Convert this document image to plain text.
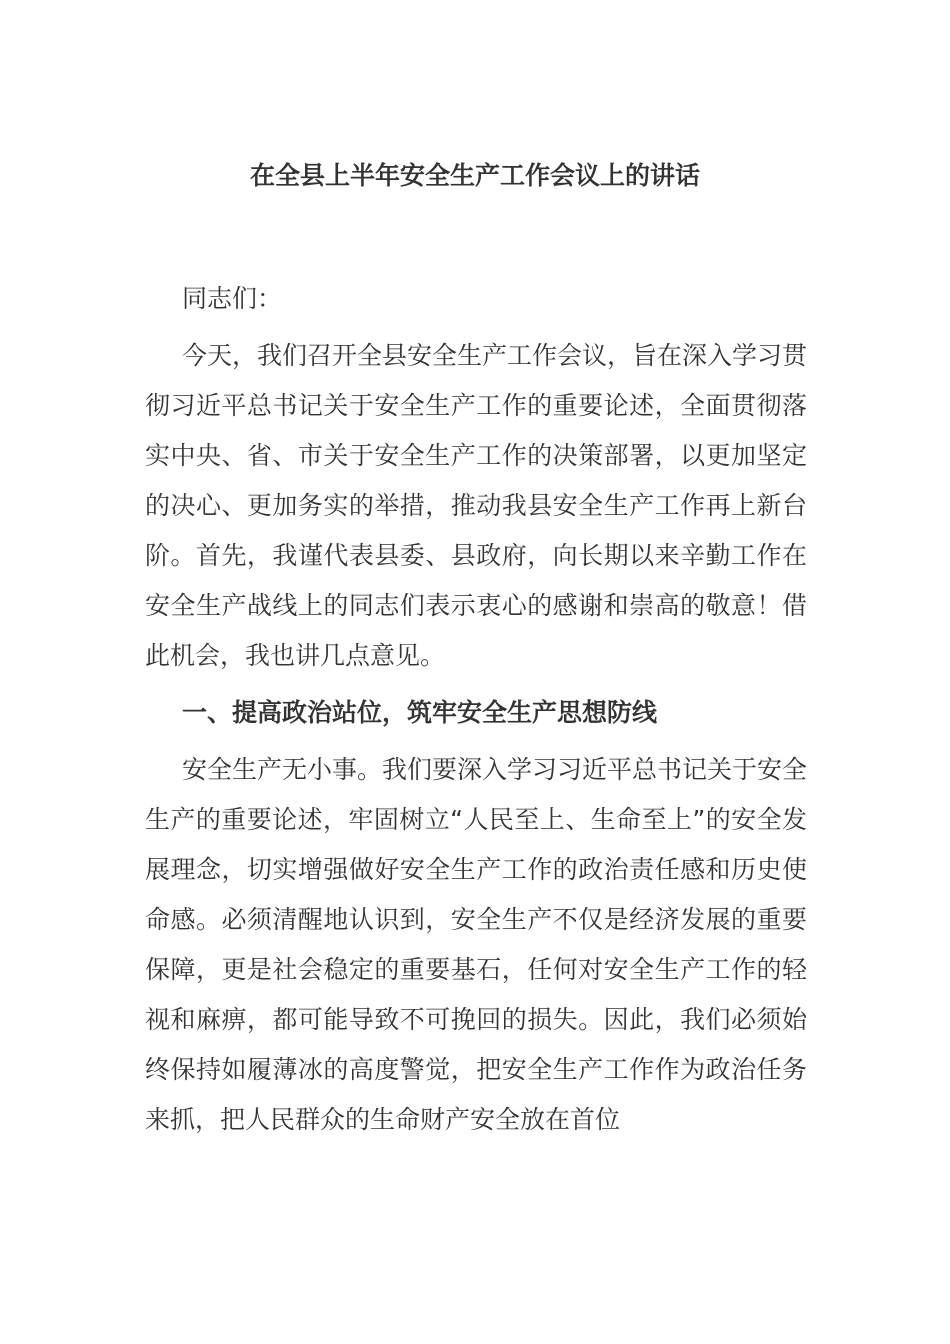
在全县上半年安全生产工作会议上的讲话

同志们：

今天，我们召开全县安全生产工作会议，旨在深入学习贯彻习近平总书记关于安全生产工作的重要论述，全面贯彻落实中央、省、市关于安全生产工作的决策部署，以更加坚定的决心、更加务实的举措，推动我县安全生产工作再上新台阶。首先，我谨代表县委、县政府，向长期以来辛勤工作在安全生产战线上的同志们表示衷心的感谢和崇高的敬意！借此机会，我也讲几点意见。

一、提高政治站位，筑牢安全生产思想防线

安全生产无小事。我们要深入学习习近平总书记关于安全生产的重要论述，牢固树立“人民至上、生命至上”的安全发展理念，切实增强做好安全生产工作的政治责任感和历史使命感。必须清醒地认识到，安全生产不仅是经济发展的重要保障，更是社会稳定的重要基石，任何对安全生产工作的轻视和麻痹，都可能导致不可挽回的损失。因此，我们必须始终保持如履薄冰的高度警觉，把安全生产工作作为政治任务来抓，把人民群众的生命财产安全放在首位
